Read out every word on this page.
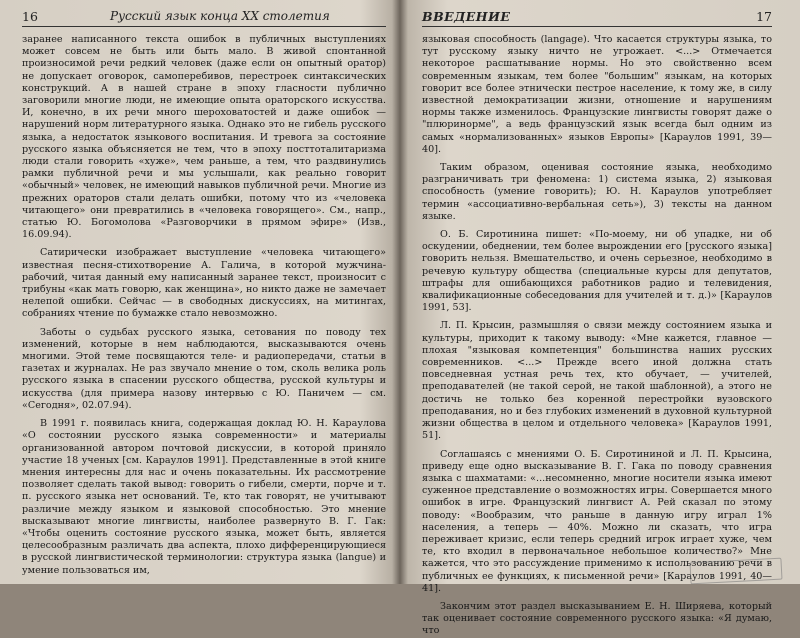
16	Русский язык конца XX столетия

заранее написанного текста ошибок в публичных выступлениях может совсем не быть или быть мало. В живой спонтанной произносимой речи редкий человек (даже если он опытный оратор) не допускает оговорок, самоперебивов, перестроек синтаксических конструкций. А в нашей стране в эпоху гласности публично заговорили многие люди, не имеющие опыта ораторского искусства. И, конечно, в их речи много шероховатостей и даже ошибок — нарушений норм литературного языка. Однако это не гибель русского языка, а недостаток языкового воспитания. И тревога за состояние русского языка объясняется не тем, что в эпоху посттоталитаризма люди стали говорить «хуже», чем раньше, а тем, что раздвинулись рамки публичной речи и мы услышали, как реально говорит «обычный» человек, не имеющий навыков публичной речи. Многие из прежних ораторов стали делать ошибки, потому что из «человека читающего» они превратились в «человека говорящего». См., напр., статью Ю. Богомолова «Разговорчики в прямом эфире» (Изв., 16.09.94).

Сатирически изображает выступление «человека читающего» известная песня-стихотворение А. Галича, в которой мужчина-рабочий, читая данный ему написанный заранее текст, произносит с трибуны «как мать говорю, как женщина», но никто даже не замечает нелепой ошибки. Сейчас — в свободных дискуссиях, на митингах, собраниях чтение по бумажке стало невозможно.

Заботы о судьбах русского языка, сетования по поводу тех изменений, которые в нем наблюдаются, высказываются очень многими. Этой теме посвящаются теле- и радиопередачи, статьи в газетах и журналах. Не раз звучало мнение о том, сколь велика роль русского языка в спасении русского общества, русской культуры и искусства (для примера назову интервью с Ю. Паничем — см. «Сегодня», 02.07.94).

В 1991 г. появилась книга, содержащая доклад Ю. Н. Караулова «О состоянии русского языка современности» и материалы организованной автором почтовой дискуссии, в которой приняло участие 18 ученых [см. Караулов 1991]. Представленные в этой книге мнения интересны для нас и очень показательны. Их рассмотрение позволяет сделать такой вывод: говорить о гибели, смерти, порче и т. п. русского языка нет оснований. Те, кто так говорят, не учитывают различие между языком и языковой способностью. Это мнение высказывают многие лингвисты, наиболее развернуто В. Г. Гак: «Чтобы оценить состояние русского языка, может быть, является целесообразным различать два аспекта, плохо дифференцирующиеся в русской лингвистической терминологии: структура языка (langue) и умение пользоваться им,

ВВЕДЕНИЕ	17

языковая способность (langage). Что касается структуры языка, то тут русскому языку ничто не угрожает. <...> Отмечается некоторое расшатывание нормы. Но это свойственно всем современным языкам, тем более "большим" языкам, на которых говорит все более этнически пестрое население, к тому же, в силу известной демократизации жизни, отношение и нарушениям нормы также изменилось. Французские лингвисты говорят даже о "плюринорме", а ведь французский язык всегда был одним из самых «нормализованных» языков Европы» [Караулов 1991, 39—40].

Таким образом, оценивая состояние языка, необходимо разграничивать три феномена: 1) система языка, 2) языковая способность (умение говорить); Ю. Н. Караулов употребляет термин «ассоциативно-вербальная сеть»), 3) тексты на данном языке.

О. Б. Сиротинина пишет: «По-моему, ни об упадке, ни об оскудении, обеднении, тем более вырождении его [русского языка] говорить нельзя. Вмешательство, и очень серьезное, необходимо в речевую культуру общества (специальные курсы для депутатов, штрафы для ошибающихся работников радио и телевидения, квалификационные собеседования для учителей и т. д.)» [Караулов 1991, 53].

Л. П. Крысин, размышляя о связи между состоянием языка и культуры, приходит к такому выводу: «Мне кажется, главное — плохая "языковая компетенция" большинства наших русских современников. <...> Прежде всего иной должна стать повседневная устная речь тех, кто обучает, — учителей, преподавателей (не такой серой, не такой шаблонной), а этого не достичь не только без коренной перестройки вузовского преподавания, но и без глубоких изменений в духовной культурной жизни общества в целом и отдельного человека» [Караулов 1991, 51].

Соглашаясь с мнениями О. Б. Сиротининой и Л. П. Крысина, приведу еще одно высказывание В. Г. Гака по поводу сравнения языка с шахматами: «...несомненно, многие носители языка имеют суженное представление о возможностях игры. Совершается много ошибок в игре. Французский лингвист А. Рей сказал по этому поводу: «Вообразим, что раньше в данную игру играл 1% населения, а теперь — 40%. Можно ли сказать, что игра переживает кризис, если теперь средний игрок играет хуже, чем те, кто входил в первоначальное небольшое количество?» Мне кажется, что это рассуждение применимо к использованию речи в публичных ее функциях, к письменной речи» [Караулов 1991, 40—41].

Закончим этот раздел высказыванием Е. Н. Ширяева, который так оценивает состояние современного русского языка: «Я думаю, что
